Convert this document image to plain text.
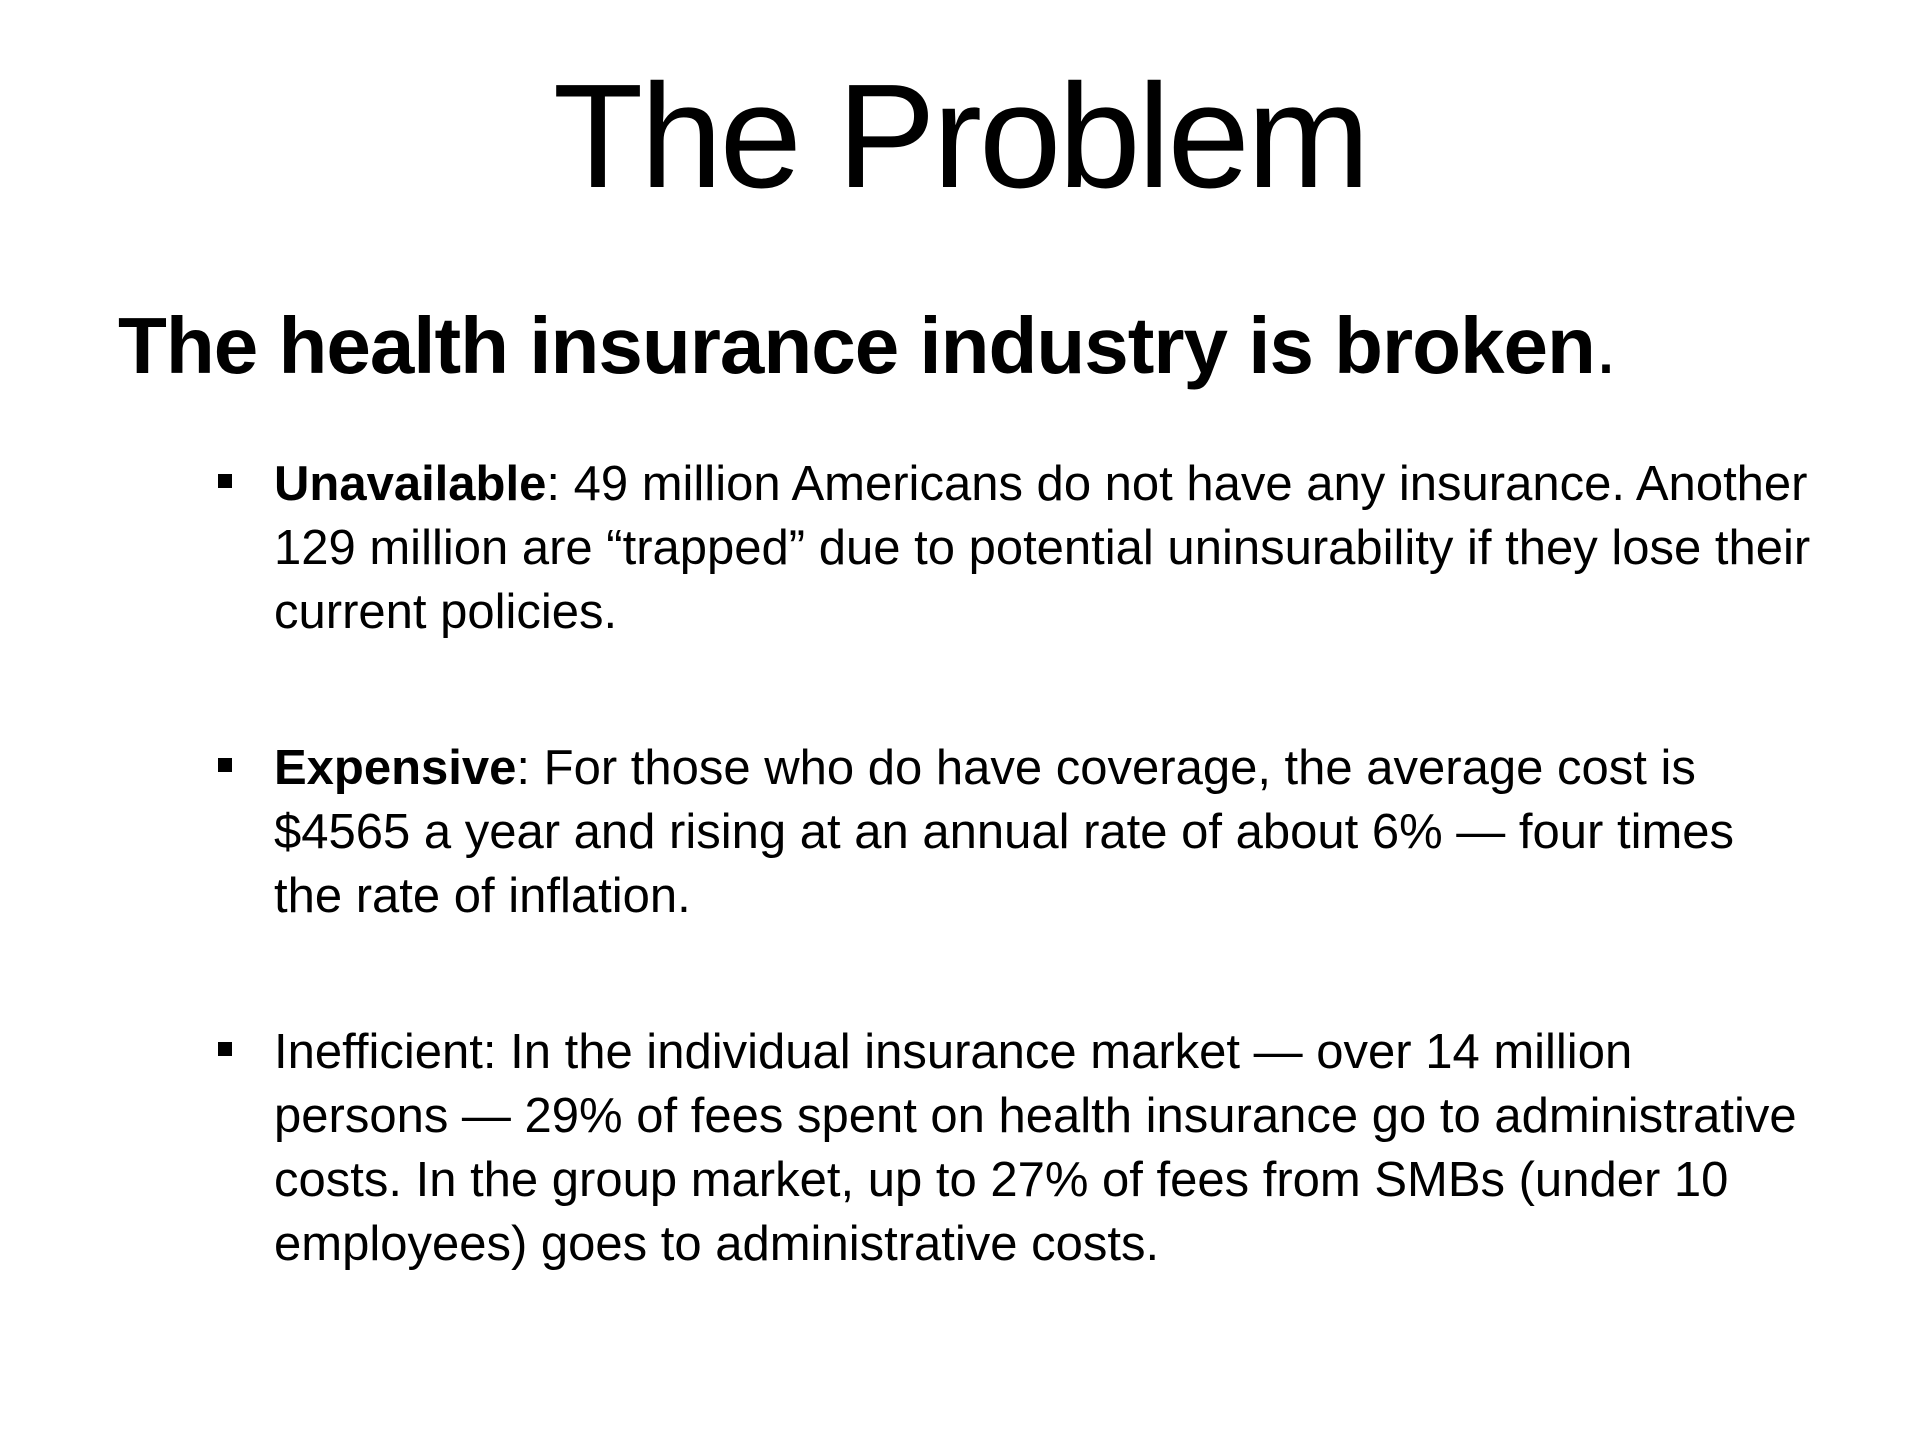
The Problem
The health insurance industry is broken.
Unavailable: 49 million Americans do not have any insurance. Another 129 million are “trapped” due to potential uninsurability if they lose their current policies.
Expensive: For those who do have coverage, the average cost is $4565 a year and rising at an annual rate of about 6% — four times the rate of inflation.
Inefficient: In the individual insurance market — over 14 million persons — 29% of fees spent on health insurance go to administrative costs. In the group market, up to 27% of fees from SMBs (under 10 employees) goes to administrative costs.
